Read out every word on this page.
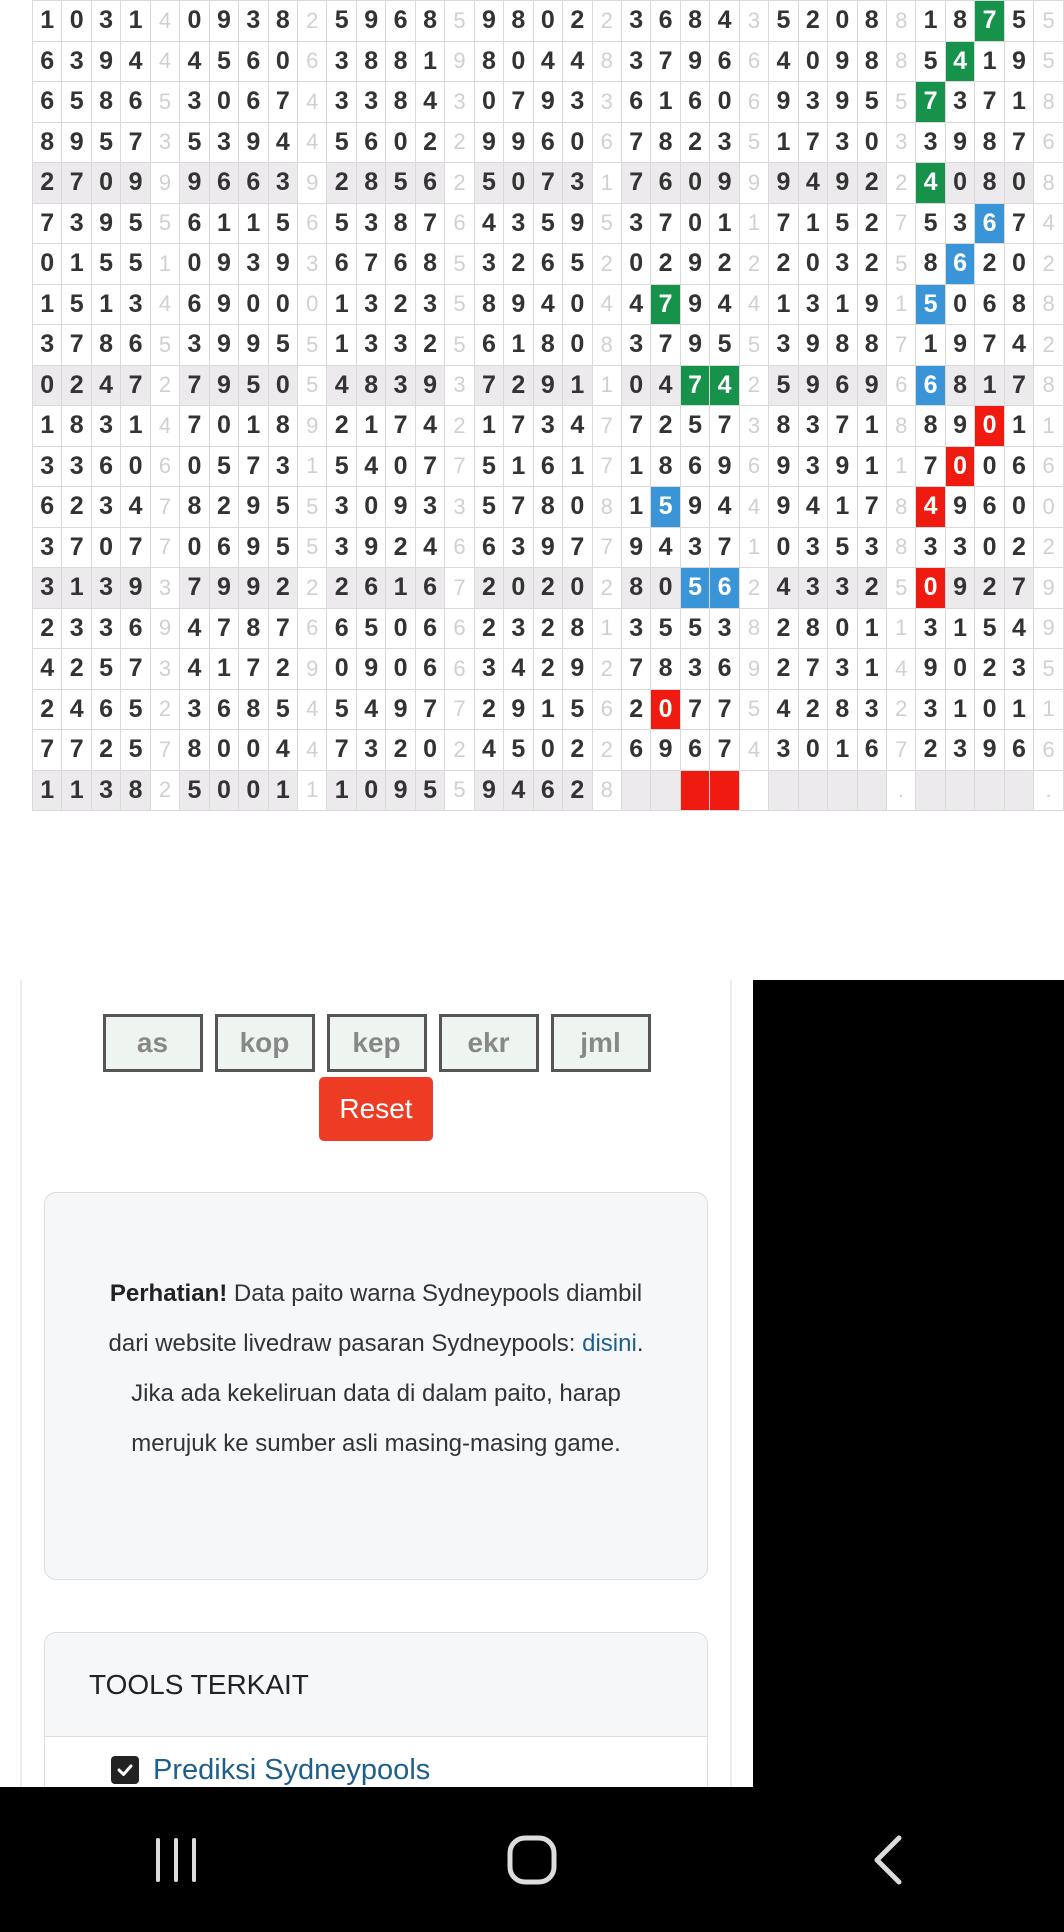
1	0	3	1	4	0	9	3	8	2	5	9	6	8	5	9	8	0	2	2	3	6	8	4	3	5	2	0	8	8	1	8	7	5	5
6	3	9	4	4	4	5	6	0	6	3	8	8	1	9	8	0	4	4	8	3	7	9	6	6	4	0	9	8	8	5	4	1	9	5
6	5	8	6	5	3	0	6	7	4	3	3	8	4	3	0	7	9	3	3	6	1	6	0	6	9	3	9	5	5	7	3	7	1	8
8	9	5	7	3	5	3	9	4	4	5	6	0	2	2	9	9	6	0	6	7	8	2	3	5	1	7	3	0	3	3	9	8	7	6
2	7	0	9	9	9	6	6	3	9	2	8	5	6	2	5	0	7	3	1	7	6	0	9	9	9	4	9	2	2	4	0	8	0	8
7	3	9	5	5	6	1	1	5	6	5	3	8	7	6	4	3	5	9	5	3	7	0	1	1	7	1	5	2	7	5	3	6	7	4
0	1	5	5	1	0	9	3	9	3	6	7	6	8	5	3	2	6	5	2	0	2	9	2	2	2	0	3	2	5	8	6	2	0	2
1	5	1	3	4	6	9	0	0	0	1	3	2	3	5	8	9	4	0	4	4	7	9	4	4	1	3	1	9	1	5	0	6	8	8
3	7	8	6	5	3	9	9	5	5	1	3	3	2	5	6	1	8	0	8	3	7	9	5	5	3	9	8	8	7	1	9	7	4	2
0	2	4	7	2	7	9	5	0	5	4	8	3	9	3	7	2	9	1	1	0	4	7	4	2	5	9	6	9	6	6	8	1	7	8
1	8	3	1	4	7	0	1	8	9	2	1	7	4	2	1	7	3	4	7	7	2	5	7	3	8	3	7	1	8	8	9	0	1	1
3	3	6	0	6	0	5	7	3	1	5	4	0	7	7	5	1	6	1	7	1	8	6	9	6	9	3	9	1	1	7	0	0	6	6
6	2	3	4	7	8	2	9	5	5	3	0	9	3	3	5	7	8	0	8	1	5	9	4	4	9	4	1	7	8	4	9	6	0	0
3	7	0	7	7	0	6	9	5	5	3	9	2	4	6	6	3	9	7	7	9	4	3	7	1	0	3	5	3	8	3	3	0	2	2
3	1	3	9	3	7	9	9	2	2	2	6	1	6	7	2	0	2	0	2	8	0	5	6	2	4	3	3	2	5	0	9	2	7	9
2	3	3	6	9	4	7	8	7	6	6	5	0	6	6	2	3	2	8	1	3	5	5	3	8	2	8	0	1	1	3	1	5	4	9
4	2	5	7	3	4	1	7	2	9	0	9	0	6	6	3	4	2	9	2	7	8	3	6	9	2	7	3	1	4	9	0	2	3	5
2	4	6	5	2	3	6	8	5	4	5	4	9	7	7	2	9	1	5	6	2	0	7	7	5	4	2	8	3	2	3	1	0	1	1
7	7	2	5	7	8	0	0	4	4	7	3	2	0	2	4	5	0	2	2	6	9	6	7	4	3	0	1	6	7	2	3	9	6	6
1	1	3	8	2	5	0	0	1	1	1	0	9	5	5	9	4	6	2	8										.					.
as	kop	kep	ekr	jml
Reset
Perhatian! Data paito warna Sydneypools diambil dari website livedraw pasaran Sydneypools: disini. Jika ada kekeliruan data di dalam paito, harap merujuk ke sumber asli masing-masing game.
TOOLS TERKAIT
Prediksi Sydneypools
